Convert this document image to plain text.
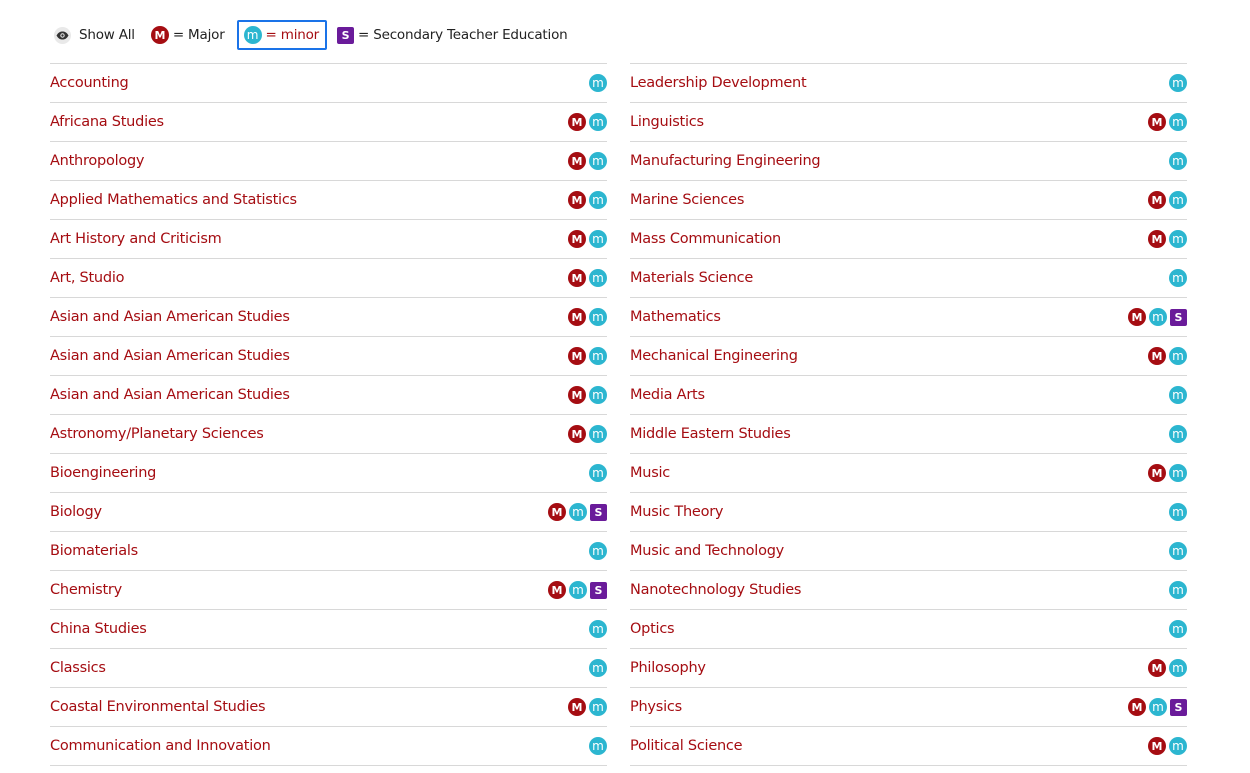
Show All	M = Major m = minor	S = Secondary Teacher Education
Accounting	m
Africana Studies	M m
Anthropology	M m
Applied Mathematics and Statistics	M m
Art History and Criticism	M m
Art, Studio	M m
Asian and Asian American Studies	M m
Asian and Asian American Studies	M m
Asian and Asian American Studies	M m
Astronomy/Planetary Sciences	M m
Bioengineering	m
Biology	M m S
Biomaterials	m
Chemistry	M m S
China Studies	m
Classics	m
Coastal Environmental Studies	M m
Communication and Innovation	m
Leadership Development	m
Linguistics	M m
Manufacturing Engineering	m
Marine Sciences	M m
Mass Communication	M m
Materials Science	m
Mathematics	M m S
Mechanical Engineering	M m
Media Arts	m
Middle Eastern Studies	m
Music	M m
Music Theory	m
Music and Technology	m
Nanotechnology Studies	m
Optics	m
Philosophy	M m
Physics	M m S
Political Science	M m
